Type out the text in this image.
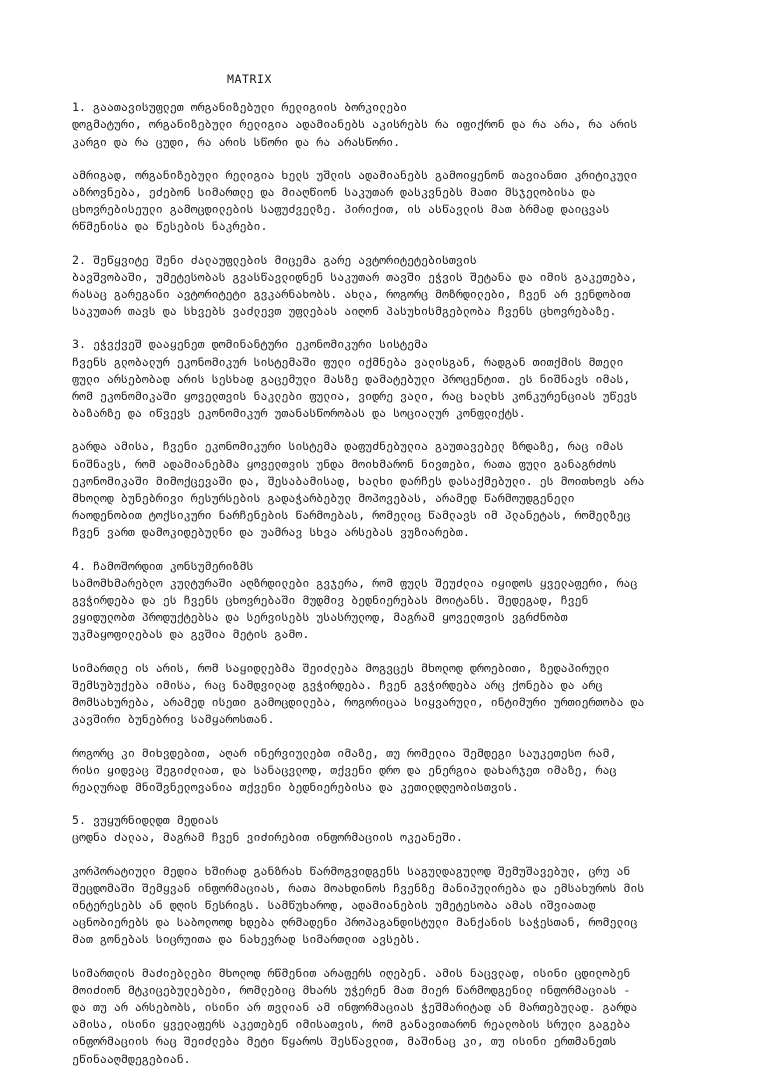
MATRIX
1. გაათავისუფლეთ ორგანიზებული რელიგიის ბორკილები
დოგმატური, ორგანიზებული რელიგია ადამიანებს აკისრებს რა იფიქრონ და რა არა, რა არის
კარგი და რა ცუდი, რა არის სწორი და რა არასწორი.
ამრიგად, ორგანიზებული რელიგია ხელს უშლის ადამიანებს გამოიყენონ თავიანთი კრიტიკული
აზროვნება, ეძებონ სიმართლე და მიაღწიონ საკუთარ დასკვნებს მათი მსჯელობისა და
ცხოვრებისეული გამოცდილების საფუძველზე. პირიქით, ის ასწავლის მათ ბრმად დაიცვას
რწმენისა და წესების ნაკრები.
2. შეწყვიტე შენი ძალაუფლების მიცემა გარე ავტორიტეტებისთვის
ბავშვობაში, უმეტესობას გვასწავლიდნენ საკუთარ თავში ეჭვის შეტანა და იმის გაკეთება,
რასაც გარეგანი ავტორიტეტი გვკარნახობს. ახლა, როგორც მოზრდილები, ჩვენ არ ვენდობით
საკუთარ თავს და სხვებს ვაძლევთ უფლებას აიღონ პასუხისმგებლობა ჩვენს ცხოვრებაზე.
3. ეჭვქვეშ დააყენეთ დომინანტური ეკონომიკური სისტემა
ჩვენს გლობალურ ეკონომიკურ სისტემაში ფული იქმნება ვალისგან, რადგან თითქმის მთელი
ფული არსებობად არის სესხად გაცემული მასზე დამატებული პროცენტით. ეს ნიშნავს იმას,
რომ ეკონომიკაში ყოველთვის ნაკლები ფულია, ვიდრე ვალი, რაც ხალხს კონკურენციას უწევს
ბაზარზე და იწვევს ეკონომიკურ უთანასწორობას და სოციალურ კონფლიქტს.
გარდა ამისა, ჩვენი ეკონომიკური სისტემა დაფუძნებულია გაუთავებელ ზრდაზე, რაც იმას
ნიშნავს, რომ ადამიანებმა ყოველთვის უნდა მოიხმარონ ნივთები, რათა ფული განაგრძოს
ეკონომიკაში მიმოქცევაში და, შესაბამისად, ხალხი დარჩეს დასაქმებული. ეს მოითხოვს არა
მხოლოდ ბუნებრივი რესურსების გადაჭარბებულ მოპოვებას, არამედ წარმოუდგენელი
რაოდენობით ტოქსიკური ნარჩენების წარმოებას, რომელიც წამლავს იმ პლანეტას, რომელზეც
ჩვენ ვართ დამოკიდებულნი და უამრავ სხვა არსებას ვუზიარებთ.
4. ჩამოშორდით კონსუმერიზმს
სამომხმარებლო კულტურაში აღზრდილები გვჯერა, რომ ფულს შეუძლია იყიდოს ყველაფერი, რაც
გვჭირდება და ეს ჩვენს ცხოვრებაში მუდმივ ბედნიერებას მოიტანს. შედეგად, ჩვენ
ვყიდულობთ პროდუქტებსა და სერვისებს უსასრულოდ, მაგრამ ყოველთვის ვგრძნობთ
უკმაყოფილებას და გვშია მეტის გამო.
სიმართლე ის არის, რომ საყიდლებმა შეიძლება მოგვცეს მხოლოდ დროებითი, ზედაპირული
შემსუბუქება იმისა, რაც ნამდვილად გვჭირდება. ჩვენ გვჭირდება არც ქონება და არც
მომსახურება, არამედ ისეთი გამოცდილება, როგორიცაა სიყვარული, ინტიმური ურთიერთობა და
კავშირი ბუნებრივ სამყაროსთან.
როგორც კი მიხვდებით, აღარ ინერვიულებთ იმაზე, თუ რომელია შემდეგი საუკეთესო რამ,
რისი ყიდვაც შეგიძლიათ, და სანაცვლოდ, თქვენი დრო და ენერგია დახარჯეთ იმაზე, რაც
რეალურად მნიშვნელოვანია თქვენი ბედნიერებისა და კეთილდღეობისთვის.
5. ვუყურნიდლდთ მედიას
ცოდნა ძალაა, მაგრამ ჩვენ ვიძირებით ინფორმაციის ოკეანეში.
კორპორატიული მედია ხშირად განზრახ წარმოგვიდგენს საგულდაგულოდ შემუშავებულ, ცრუ ან
შეცდომაში შემყვან ინფორმაციას, რათა მოახდინოს ჩვენზე მანიპულირება და ემსახუროს მის
ინტერესებს ან დღის წესრიგს. სამწუხაროდ, ადამიანების უმეტესობა ამას იშვიათად
აცნობიერებს და საბოლოოდ ხდება ღრმადენი პროპაგანდისტული მანქანის საჭესთან, რომელიც
მათ გონებას სიცრუითა და ნახევრად სიმართლით ავსებს.
სიმართლის მაძიებლები მხოლოდ რწმენით არაფერს იღებენ. ამის ნაცვლად, ისინი ცდილობენ
მოიძიონ მტკიცებულებები, რომლებიც მხარს უჭერენ მათ მიერ წარმოდგენილ ინფორმაციას -
და თუ არ არსებობს, ისინი არ თვლიან ამ ინფორმაციას ჭეშმარიტად ან მართებულად. გარდა
ამისა, ისინი ყველაფერს აკეთებენ იმისათვის, რომ განავითარონ რეალობის სრული გაგება
ინფორმაციის რაც შეიძლება მეტი წყაროს შესწავლით, მაშინაც კი, თუ ისინი ერთმანეთს
ეწინააღმდეგებიან.
